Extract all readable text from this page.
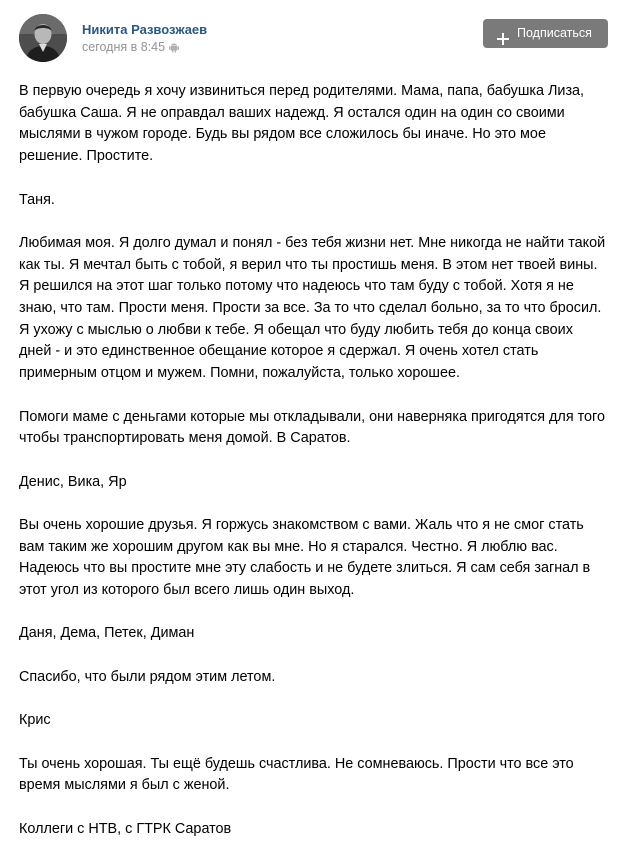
Никита Развозжаев
сегодня в 8:45
Подписаться

В первую очередь я хочу извиниться перед родителями. Мама, папа, бабушка Лиза, бабушка Саша. Я не оправдал ваших надежд. Я остался один на один со своими мыслями в чужом городе. Будь вы рядом все сложилось бы иначе. Но это мое решение. Простите.

Таня.

Любимая моя. Я долго думал и понял - без тебя жизни нет. Мне никогда не найти такой как ты. Я мечтал быть с тобой, я верил что ты простишь меня. В этом нет твоей вины. Я решился на этот шаг только потому что надеюсь что там буду с тобой. Хотя я не знаю, что там. Прости меня. Прости за все. За то что сделал больно, за то что бросил. Я ухожу с мыслью о любви к тебе. Я обещал что буду любить тебя до конца своих дней - и это единственное обещание которое я сдержал. Я очень хотел стать примерным отцом и мужем. Помни, пожалуйста, только хорошее.

Помоги маме с деньгами которые мы откладывали, они наверняка пригодятся для того чтобы транспортировать меня домой. В Саратов.

Денис, Вика, Яр

Вы очень хорошие друзья. Я горжусь знакомством с вами. Жаль что я не смог стать вам таким же хорошим другом как вы мне. Но я старался. Честно. Я люблю вас. Надеюсь что вы простите мне эту слабость и не будете злиться. Я сам себя загнал в этот угол из которого был всего лишь один выход.

Даня, Дема, Петек, Диман

Спасибо, что были рядом этим летом.

Крис

Ты очень хорошая. Ты ещё будешь счастлива. Не сомневаюсь. Прости что все это время мыслями я был с женой.

Коллеги с НТВ, с ГТРК Саратов
